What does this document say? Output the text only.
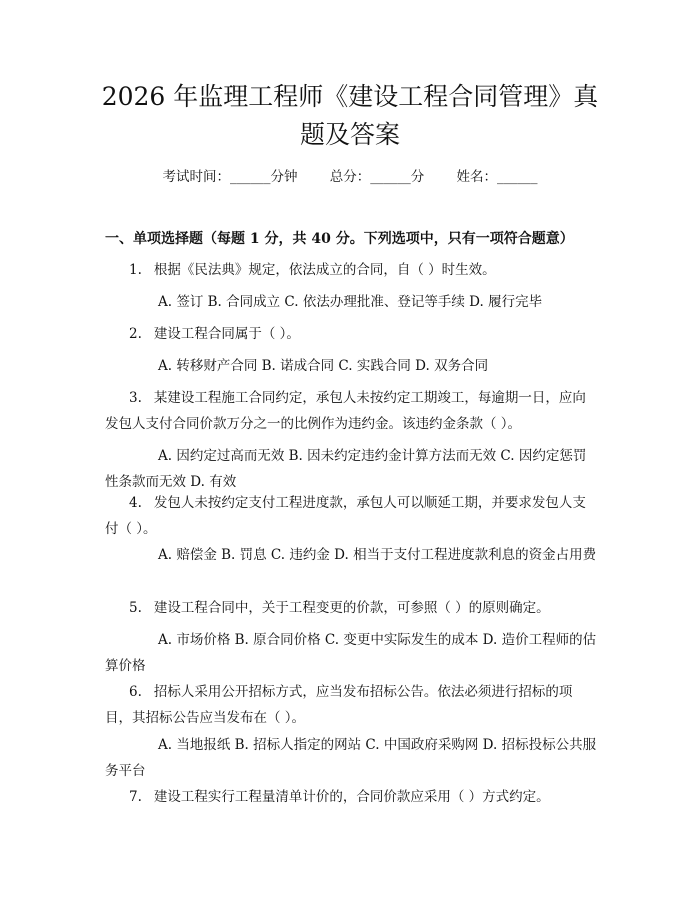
2026 年监理工程师《建设工程合同管理》真
题及答案
考试时间：______分钟 总分：______分 姓名：______
一、单项选择题（每题 1 分，共 40 分。下列选项中，只有一项符合题意）
1. 根据《民法典》规定，依法成立的合同，自（ ）时生效。
A. 签订 B. 合同成立 C. 依法办理批准、登记等手续 D. 履行完毕
2. 建设工程合同属于（ ）。
A. 转移财产合同 B. 诺成合同 C. 实践合同 D. 双务合同
3. 某建设工程施工合同约定，承包人未按约定工期竣工，每逾期一日，应向发包人支付合同价款万分之一的比例作为违约金。该违约金条款（ ）。
A. 因约定过高而无效 B. 因未约定违约金计算方法而无效 C. 因约定惩罚性条款而无效 D. 有效
4. 发包人未按约定支付工程进度款，承包人可以顺延工期，并要求发包人支付（ ）。
A. 赔偿金 B. 罚息 C. 违约金 D. 相当于支付工程进度款利息的资金占用费
5. 建设工程合同中，关于工程变更的价款，可参照（ ）的原则确定。
A. 市场价格 B. 原合同价格 C. 变更中实际发生的成本 D. 造价工程师的估算价格
6. 招标人采用公开招标方式，应当发布招标公告。依法必须进行招标的项目，其招标公告应当发布在（ ）。
A. 当地报纸 B. 招标人指定的网站 C. 中国政府采购网 D. 招标投标公共服务平台
7. 建设工程实行工程量清单计价的，合同价款应采用（ ）方式约定。
